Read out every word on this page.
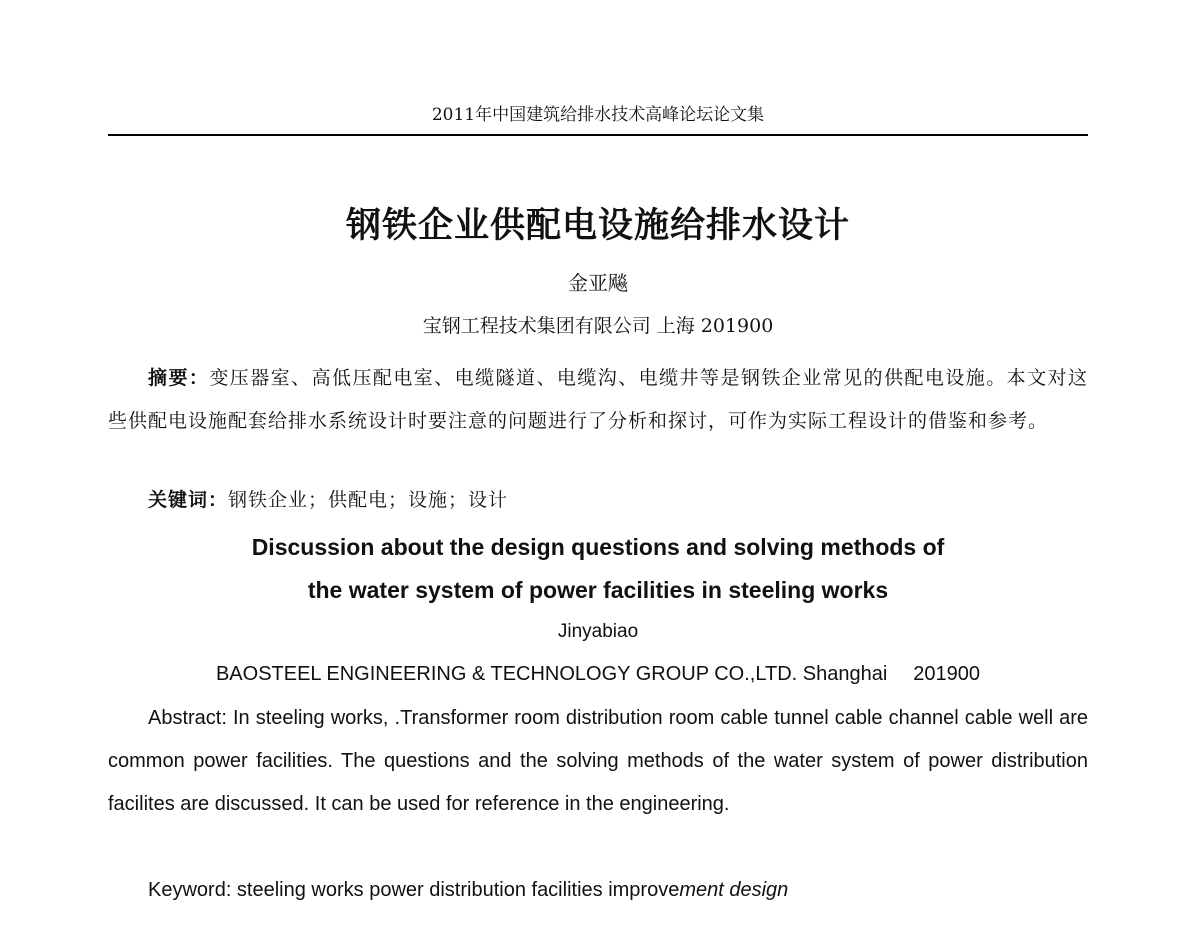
2011年中国建筑给排水技术高峰论坛论文集
钢铁企业供配电设施给排水设计
金亚飚
宝钢工程技术集团有限公司 上海 201900
摘要：变压器室、高低压配电室、电缆隧道、电缆沟、电缆井等是钢铁企业常见的供配电设施。本文对这些供配电设施配套给排水系统设计时要注意的问题进行了分析和探讨，可作为实际工程设计的借鉴和参考。
关键词：钢铁企业；供配电；设施；设计
Discussion about the design questions and solving methods of
the water system of power facilities in steeling works
Jinyabiao
BAOSTEEL ENGINEERING & TECHNOLOGY GROUP CO.,LTD. Shanghai 201900
Abstract: In steeling works, .Transformer room distribution room cable tunnel cable channel cable well are common power facilities. The questions and the solving methods of the water system of power distribution facilites are discussed. It can be used for reference in the engineering.
Keyword: steeling works power distribution facilities improvement design
